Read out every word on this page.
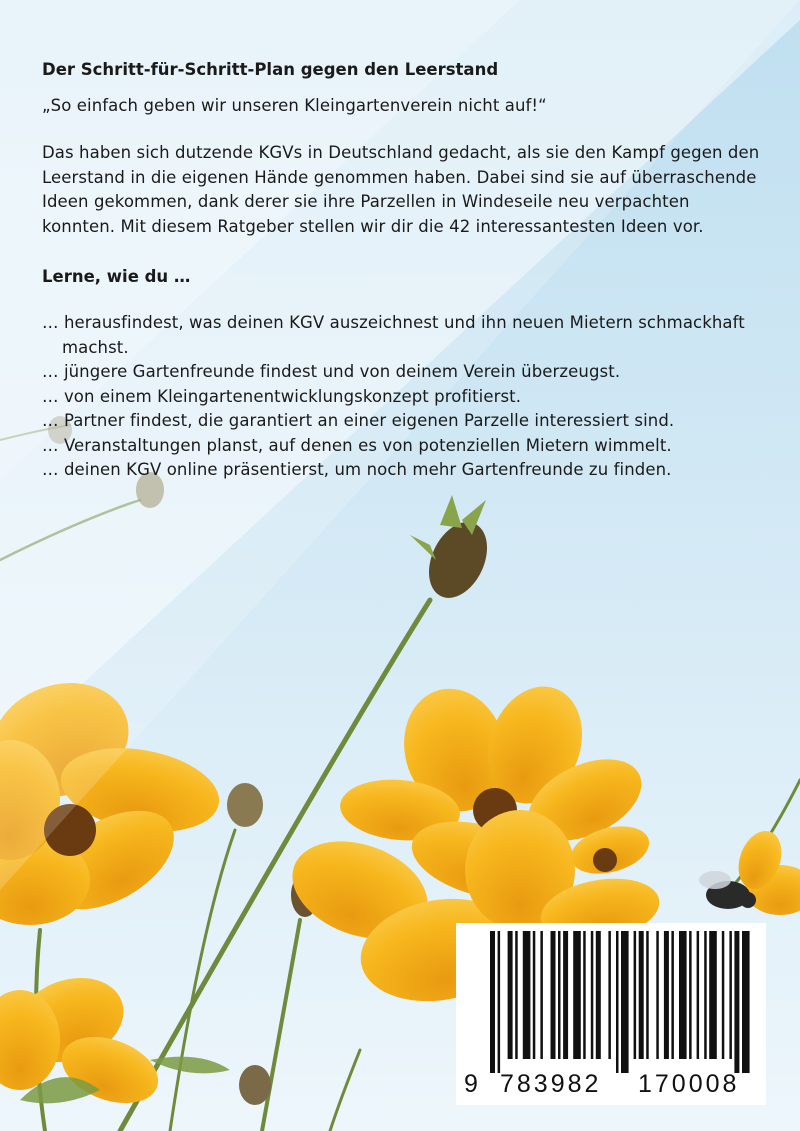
Der Schritt-für-Schritt-Plan gegen den Leerstand

„So einfach geben wir unseren Kleingartenverein nicht auf!“

Das haben sich dutzende KGVs in Deutschland gedacht, als sie den Kampf gegen den Leerstand in die eigenen Hände genommen haben. Dabei sind sie auf überraschende Ideen gekommen, dank derer sie ihre Parzellen in Windeseile neu verpachten konnten. Mit diesem Ratgeber stellen wir dir die 42 interessantesten Ideen vor.

Lerne, wie du …

… herausfindest, was deinen KGV auszeichnest und ihn neuen Mietern schmackhaft machst.
… jüngere Gartenfreunde findest und von deinem Verein überzeugst.
… von einem Kleingartenentwicklungskonzept profitierst.
… Partner findest, die garantiert an einer eigenen Parzelle interessiert sind.
… Veranstaltungen planst, auf denen es von potenziellen Mietern wimmelt.
… deinen KGV online präsentierst, um noch mehr Gartenfreunde zu finden.
9 783982 170008
